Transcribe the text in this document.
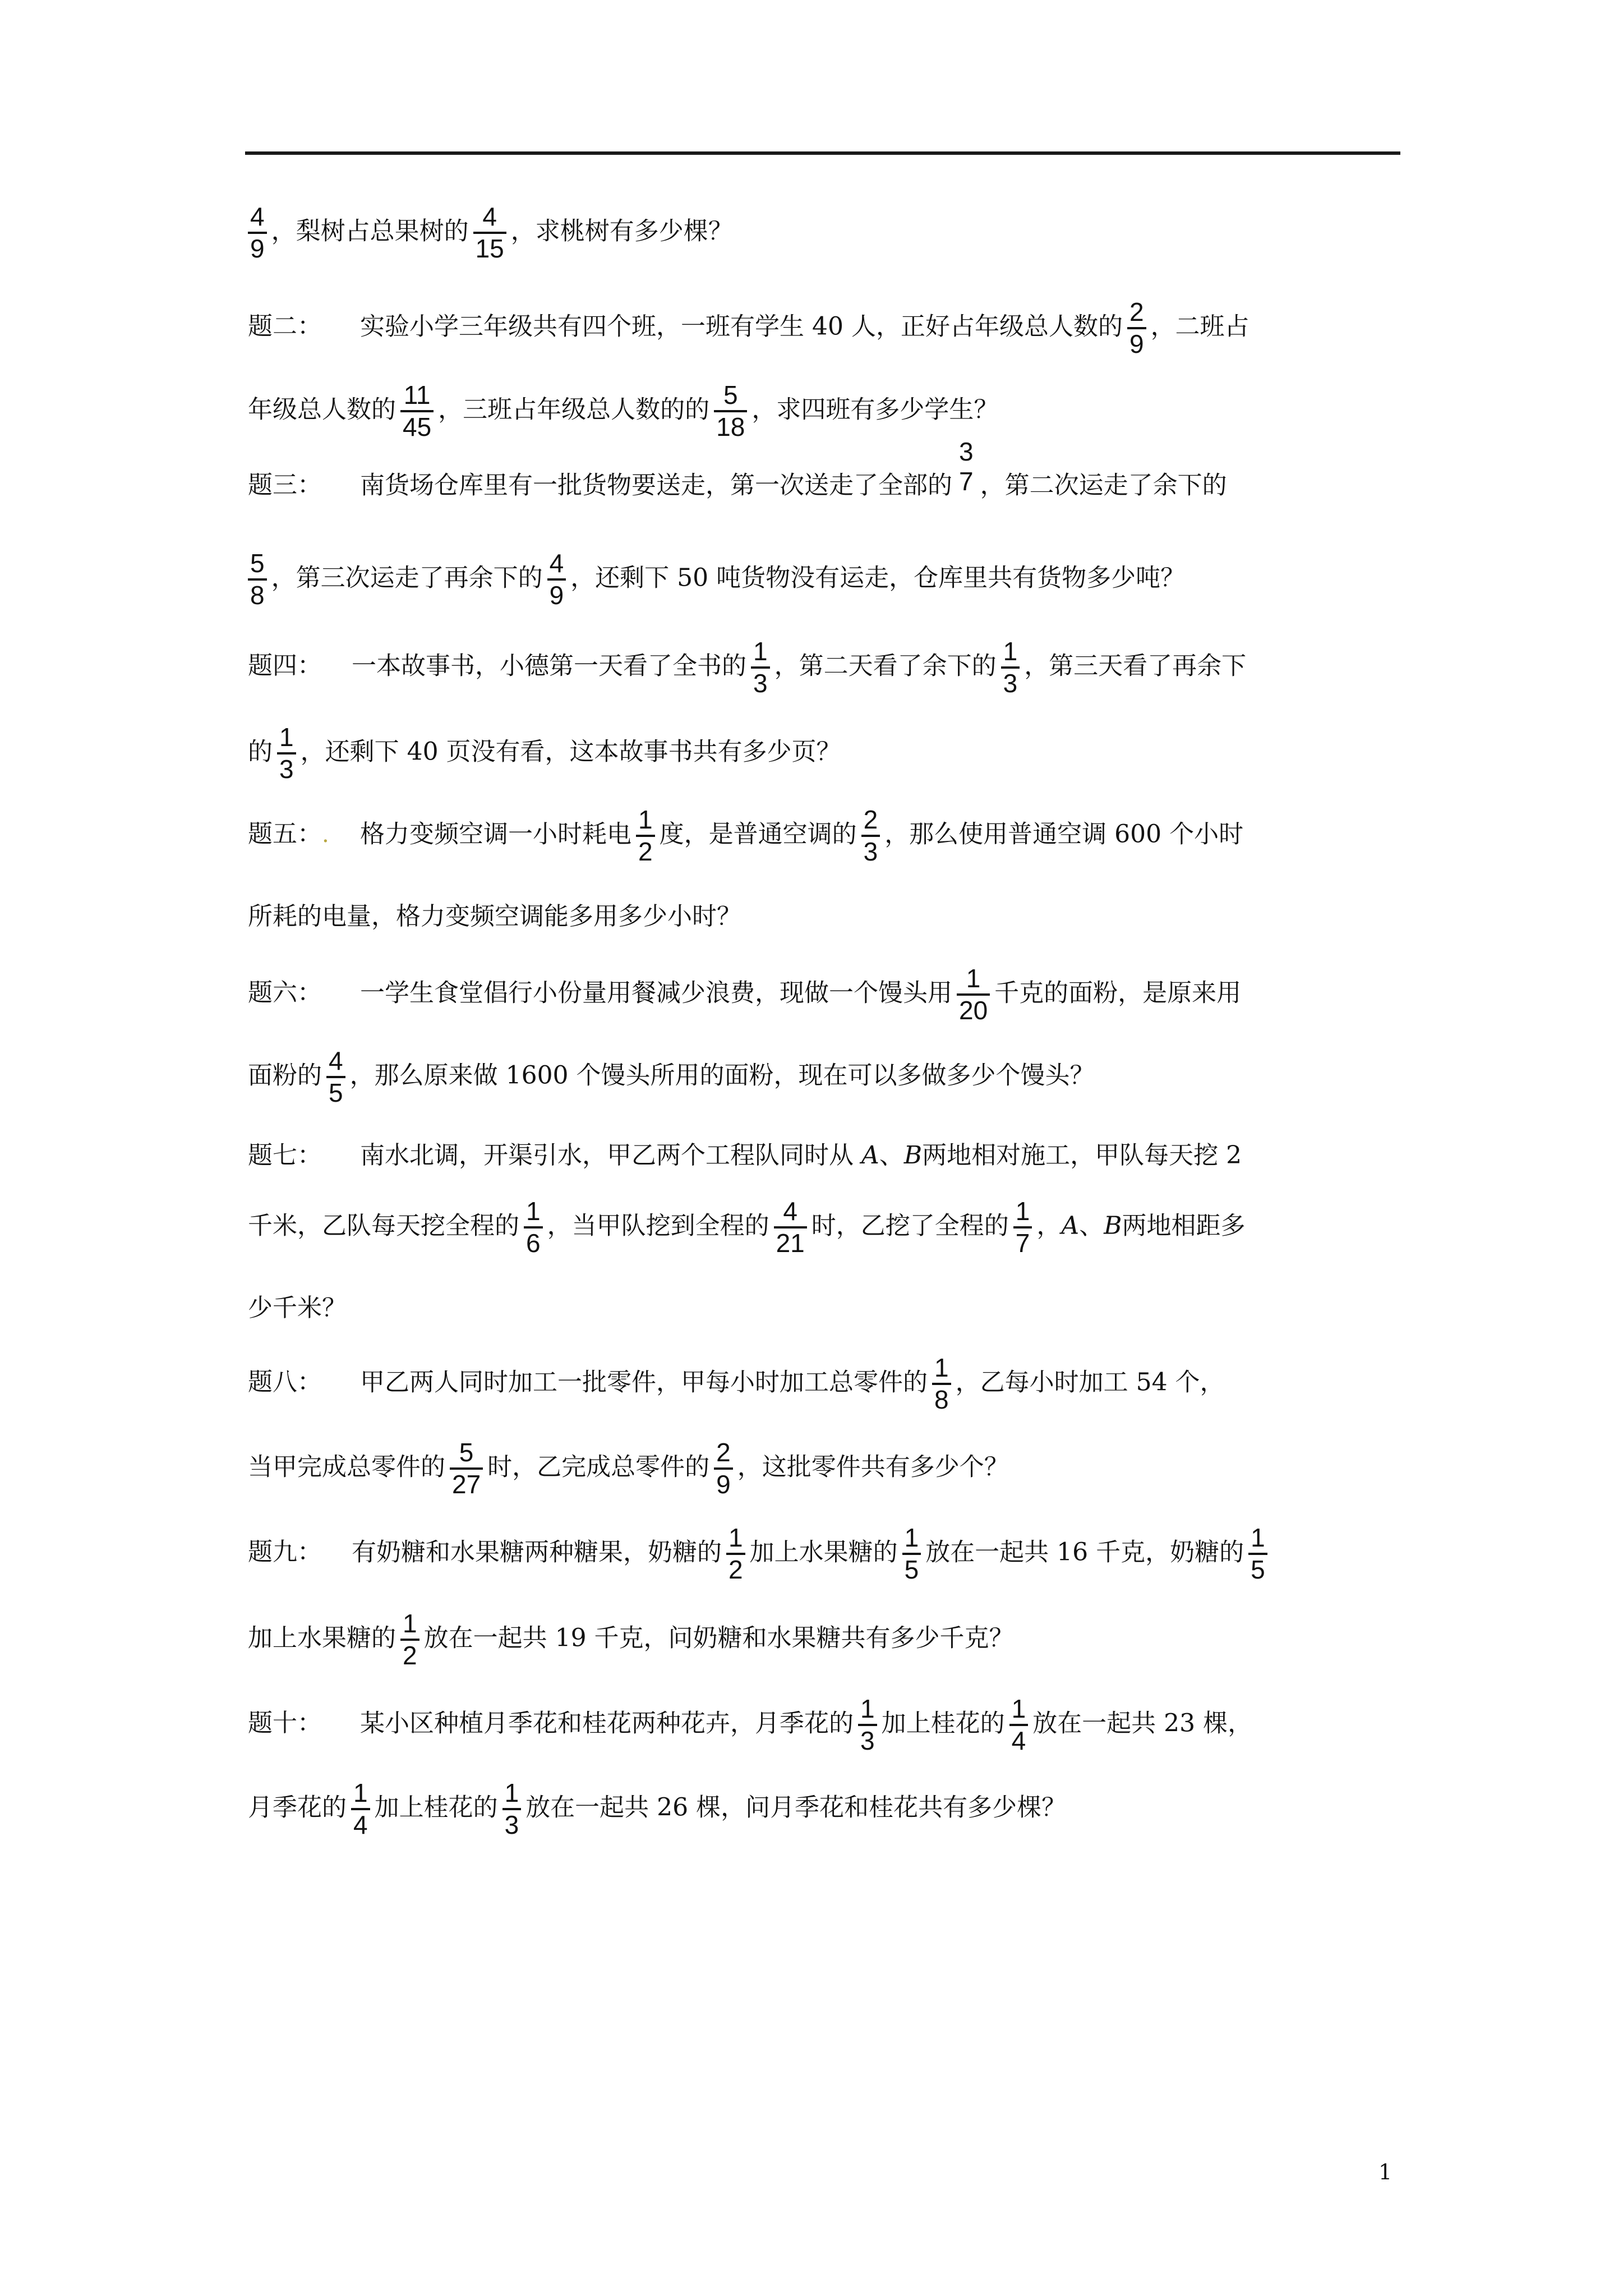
$\frac{4}{9}$ ，梨树占总果树的 $\frac{4}{15}$ ，求桃树有多少棵？
题二： 实验小学三年级共有四个班，一班有学生 40 人，正好占年级总人数的 $\frac{2}{9}$ ，二班占
年级总人数的 $\frac{11}{45}$ ，三班占年级总人数的的 $\frac{5}{18}$ ，求四班有多少学生？
题三： 南货场仓库里有一批货物要送走，第一次送走了全部的
3
7 ，第二次运走了余下的
$\frac{5}{8}$ ，第三次运走了再余下的 $\frac{4}{9}$ ，还剩下 50 吨货物没有运走，仓库里共有货物多少吨？
题四： 一本故事书，小德第一天看了全书的 $\frac{1}{3}$ ，第二天看了余下的 $\frac{1}{3}$ ，第三天看了再余下
的 $\frac{1}{3}$ ，还剩下 40 页没有看，这本故事书共有多少页？
题五：. 格力变频空调一小时耗电 $\frac{1}{2}$ 度，是普通空调的 $\frac{2}{3}$ ，那么使用普通空调 600 个小时
所耗的电量，格力变频空调能多用多少小时？
题六： 一学生食堂倡行小份量用餐减少浪费，现做一个馒头用 $\frac{1}{20}$ 千克的面粉，是原来用
面粉的 $\frac{4}{5}$ ，那么原来做 1600 个馒头所用的面粉，现在可以多做多少个馒头？
题七： 南水北调，开渠引水，甲乙两个工程队同时从 A、B两地相对施工，甲队每天挖 2
千米，乙队每天挖全程的 $\frac{1}{6}$ ，当甲队挖到全程的 $\frac{4}{21}$ 时，乙挖了全程的 $\frac{1}{7}$ ，A、B两地相距多
少千米？
题八： 甲乙两人同时加工一批零件，甲每小时加工总零件的 $\frac{1}{8}$ ，乙每小时加工 54 个，
当甲完成总零件的 $\frac{5}{27}$ 时，乙完成总零件的 $\frac{2}{9}$ ，这批零件共有多少个？
题九： 有奶糖和水果糖两种糖果，奶糖的 $\frac{1}{2}$ 加上水果糖的 $\frac{1}{5}$ 放在一起共 16 千克，奶糖的 $\frac{1}{5}$
加上水果糖的 $\frac{1}{2}$ 放在一起共 19 千克，问奶糖和水果糖共有多少千克？
题十： 某小区种植月季花和桂花两种花卉，月季花的 $\frac{1}{3}$ 加上桂花的 $\frac{1}{4}$ 放在一起共 23 棵，
月季花的 $\frac{1}{4}$ 加上桂花的 $\frac{1}{3}$ 放在一起共 26 棵，问月季花和桂花共有多少棵？
1
